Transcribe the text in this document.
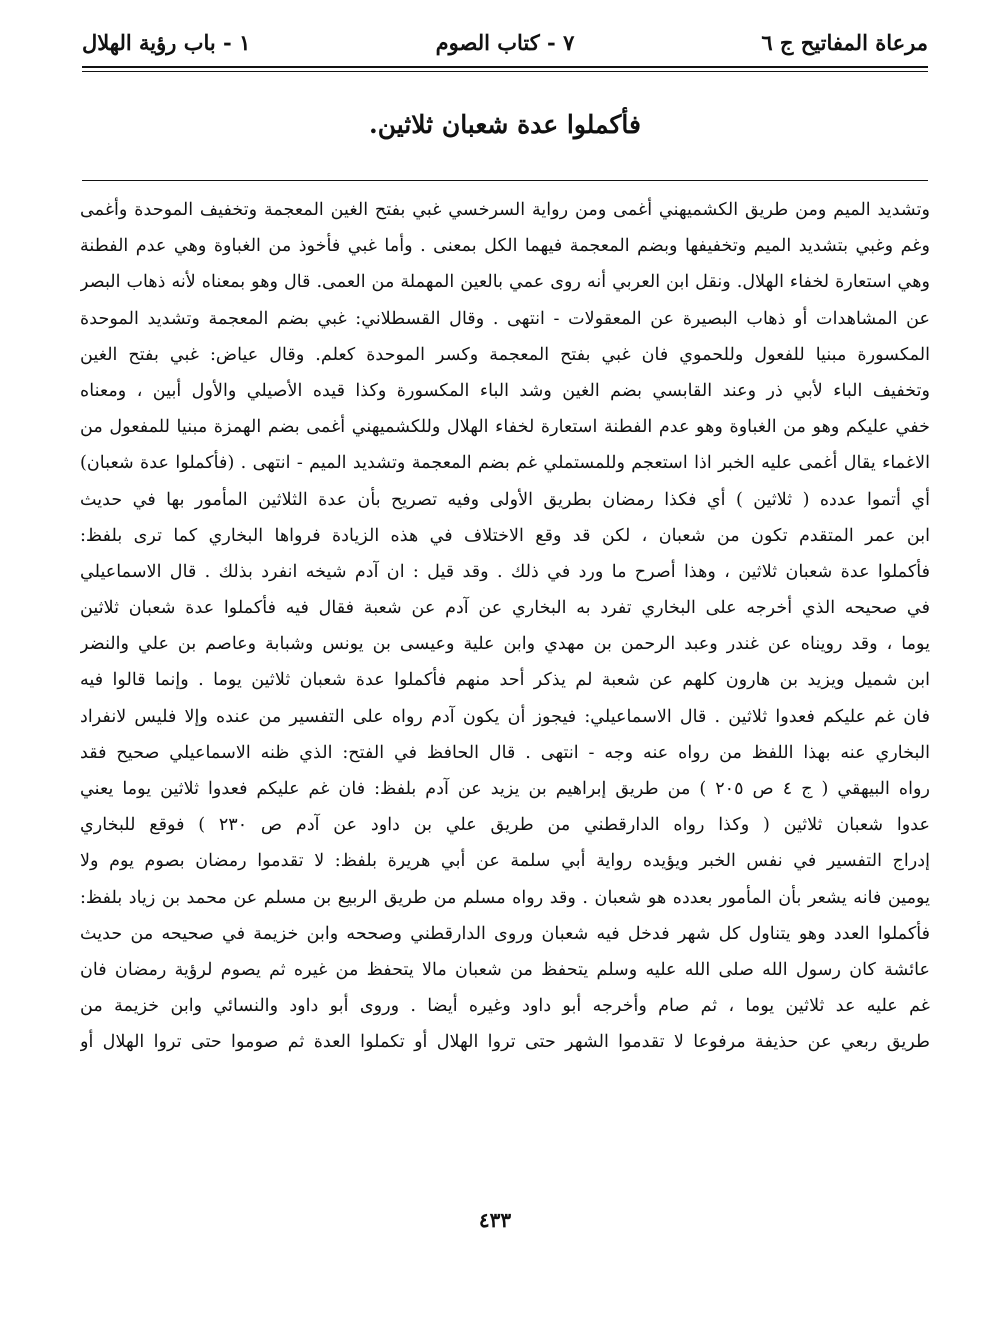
مرعاة المفاتيح ج ٦
٧ - كتاب الصوم
١ - باب رؤية الهلال
فأكملوا عدة شعبان ثلاثين.
وتشديد الميم ومن طريق الكشميهني أغمى ومن رواية السرخسي غبي بفتح الغين المعجمة وتخفيف الموحدة وأغمى
وغم وغبي بتشديد الميم وتخفيفها وبضم المعجمة فيهما الكل بمعنى . وأما غبي فأخوذ من الغباوة وهي عدم الفطنة
وهي استعارة لخفاء الهلال. ونقل ابن العربي أنه روى عمي بالعين المهملة من العمى. قال وهو بمعناه لأنه ذهاب البصر
عن المشاهدات أو ذهاب البصيرة عن المعقولات - انتهى . وقال القسطلاني: غبي بضم المعجمة وتشديد الموحدة
المكسورة مبنيا للفعول وللحموي فان غبي بفتح المعجمة وكسر الموحدة كعلم. وقال عياض: غبي بفتح الغين
وتخفيف الباء لأبي ذر وعند القابسي بضم الغين وشد الباء المكسورة وكذا قيده الأصيلي والأول أبين ، ومعناه
خفي عليكم وهو من الغباوة وهو عدم الفطنة استعارة لخفاء الهلال وللكشميهني أغمى بضم الهمزة مبنيا للمفعول من
الاغماء يقال أغمى عليه الخبر اذا استعجم وللمستملي غم بضم المعجمة وتشديد الميم - انتهى . (فأكملوا عدة شعبان)
أي أتموا عدده ( ثلاثين ) أي فكذا رمضان بطريق الأولى وفيه تصريح بأن عدة الثلاثين المأمور بها في حديث
ابن عمر المتقدم تكون من شعبان ، لكن قد وقع الاختلاف في هذه الزيادة فرواها البخاري كما ترى بلفظ:
فأكملوا عدة شعبان ثلاثين ، وهذا أصرح ما ورد في ذلك . وقد قيل : ان آدم شيخه انفرد بذلك . قال الاسماعيلي
في صحيحه الذي أخرجه على البخاري تفرد به البخاري عن آدم عن شعبة فقال فيه فأكملوا عدة شعبان ثلاثين
يوما ، وقد رويناه عن غندر وعبد الرحمن بن مهدي وابن علية وعيسى بن يونس وشبابة وعاصم بن علي والنضر
ابن شميل ويزيد بن هارون كلهم عن شعبة لم يذكر أحد منهم فأكملوا عدة شعبان ثلاثين يوما . وإنما قالوا فيه
فان غم عليكم فعدوا ثلاثين . قال الاسماعيلي: فيجوز أن يكون آدم رواه على التفسير من عنده وإلا فليس لانفراد
البخاري عنه بهذا اللفظ من رواه عنه وجه - انتهى . قال الحافظ في الفتح: الذي ظنه الاسماعيلي صحيح فقد
رواه البيهقي ( ج ٤ ص ٢٠٥ ) من طريق إبراهيم بن يزيد عن آدم بلفظ: فان غم عليكم فعدوا ثلاثين يوما يعني
عدوا شعبان ثلاثين ( وكذا رواه الدارقطني من طريق علي بن داود عن آدم ص ٢٣٠ ) فوقع للبخاري
إدراج التفسير في نفس الخبر ويؤيده رواية أبي سلمة عن أبي هريرة بلفظ: لا تقدموا رمضان بصوم يوم ولا
يومين فانه يشعر بأن المأمور بعدده هو شعبان . وقد رواه مسلم من طريق الربيع بن مسلم عن محمد بن زياد بلفظ:
فأكملوا العدد وهو يتناول كل شهر فدخل فيه شعبان وروى الدارقطني وصححه وابن خزيمة في صحيحه من حديث
عائشة كان رسول الله صلى الله عليه وسلم يتحفظ من شعبان مالا يتحفظ من غيره ثم يصوم لرؤية رمضان فان
غم عليه عد ثلاثين يوما ، ثم صام وأخرجه أبو داود وغيره أيضا . وروى أبو داود والنسائي وابن خزيمة من
طريق ربعي عن حذيفة مرفوعا لا تقدموا الشهر حتى تروا الهلال أو تكملوا العدة ثم صوموا حتى تروا الهلال أو
٤٣٣
